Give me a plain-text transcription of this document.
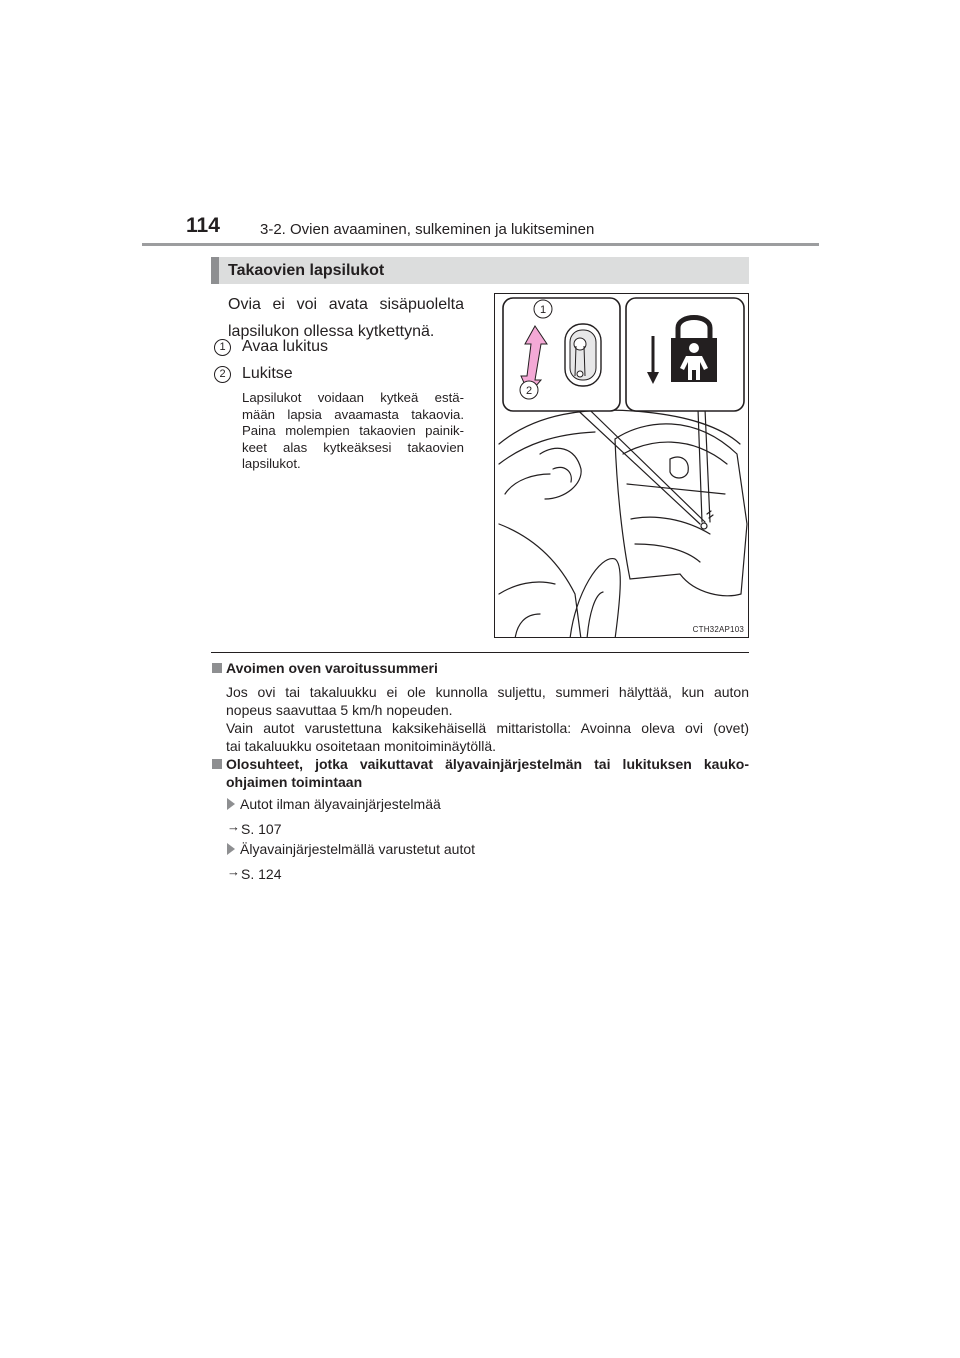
114	3-2. Ovien avaaminen, sulkeminen ja lukitseminen
Takaovien lapsilukot
Ovia ei voi avata sisäpuolelta lapsilukon ollessa kytkettynä.
1	Avaa lukitus
2	Lukitse
Lapsilukot voidaan kytkeä estä-
mään lapsia avaamasta takaovia.
Paina molempien takaovien painik-
keet alas kytkeäksesi takaovien
lapsilukot.
1
2
CTH32AP103
Avoimen oven varoitussummeri
Jos ovi tai takaluukku ei ole kunnolla suljettu, summeri hälyttää, kun auton
nopeus saavuttaa 5 km/h nopeuden.
Vain autot varustettuna kaksikehäisellä mittaristolla: Avoinna oleva ovi (ovet)
tai takaluukku osoitetaan monitoiminäytöllä.
Olosuhteet, jotka vaikuttavat älyavainjärjestelmän tai lukituksen kauko-
ohjaimen toimintaan
Autot ilman älyavainjärjestelmää
→ S. 107
Älyavainjärjestelmällä varustetut autot
→ S. 124
